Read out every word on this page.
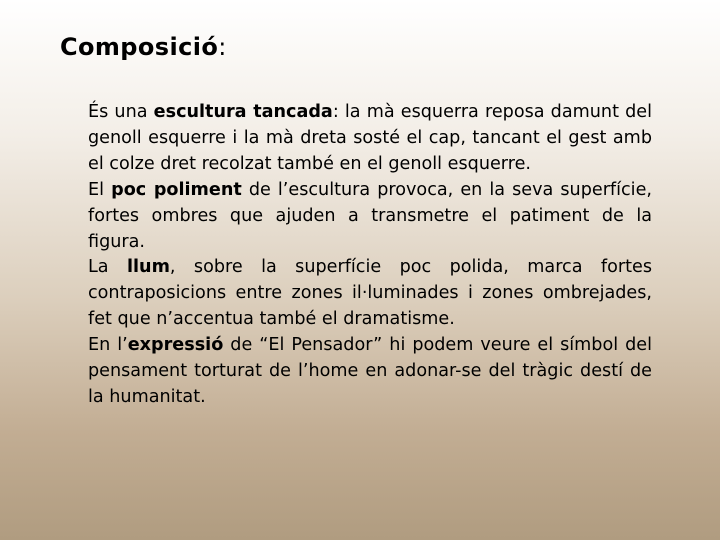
Composició:

És una escultura tancada: la mà esquerra reposa damunt del genoll esquerre i la mà dreta sosté el cap, tancant el gest amb el colze dret recolzat també en el genoll esquerre.

El poc poliment de l’escultura provoca, en la seva superfície, fortes ombres que ajuden a transmetre el patiment de la figura.

La llum, sobre la superfície poc polida, marca fortes contraposicions entre zones il·luminades i zones ombrejades, fet que n’accentua també el dramatisme.

En l’expressió de “El Pensador” hi podem veure el símbol del pensament torturat de l’home en adonar-se del tràgic destí de la humanitat.
